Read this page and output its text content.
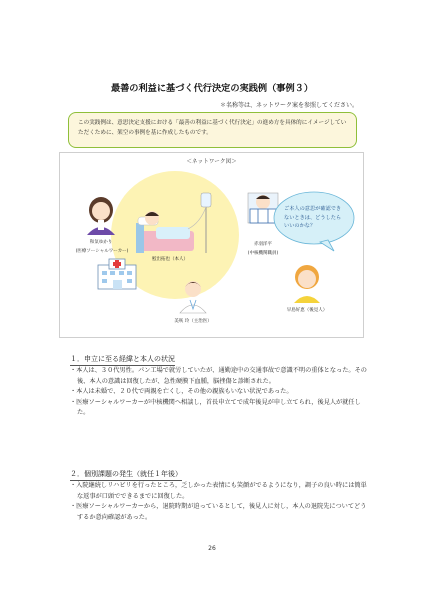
最善の利益に基づく代行決定の実践例（事例３）
＊名称等は、ネットワーク案を参照してください。
この実践例は、意思決定支援における「最善の利益に基づく代行決定」の進め方を具体的にイメージしていただくために、架空の事例を基に作成したものです。
＜ネットワーク図＞
和気ゆかり
(医療ソーシャルワーカー)
鮫出拓也（本人）
赤羽洋平
(中核機関職員)
美咲 玲（主治医）
早島好恵（後見人）
ご本人の意思が確認できないときは、どうしたらいいのかな？
１．申立に至る経緯と本人の状況
・本人は、３０代男性。パン工場で就労していたが、通勤途中の交通事故で意識不明の重体となった。その後、本人の意識は回復したが、急性硬膜下血腫，脳挫傷と診断された。
・本人は未婚で、２０代で両親を亡くし，その他の親族もいない状況であった。
・医療ソーシャルワーカーが中核機関へ相談し，首長申立てで成年後見が申し立てられ，後見人が就任した。
２．個別課題の発生（就任１年後）
・入院継続しリハビリを行ったところ，乏しかった表情にも笑顔がでるようになり，調子の良い時には簡単な返事が口頭でできるまでに回復した。
・医療ソーシャルワーカーから，退院時期が迫っているとして，後見人に対し，本人の退院先についてどうするか意向確認があった。
26
